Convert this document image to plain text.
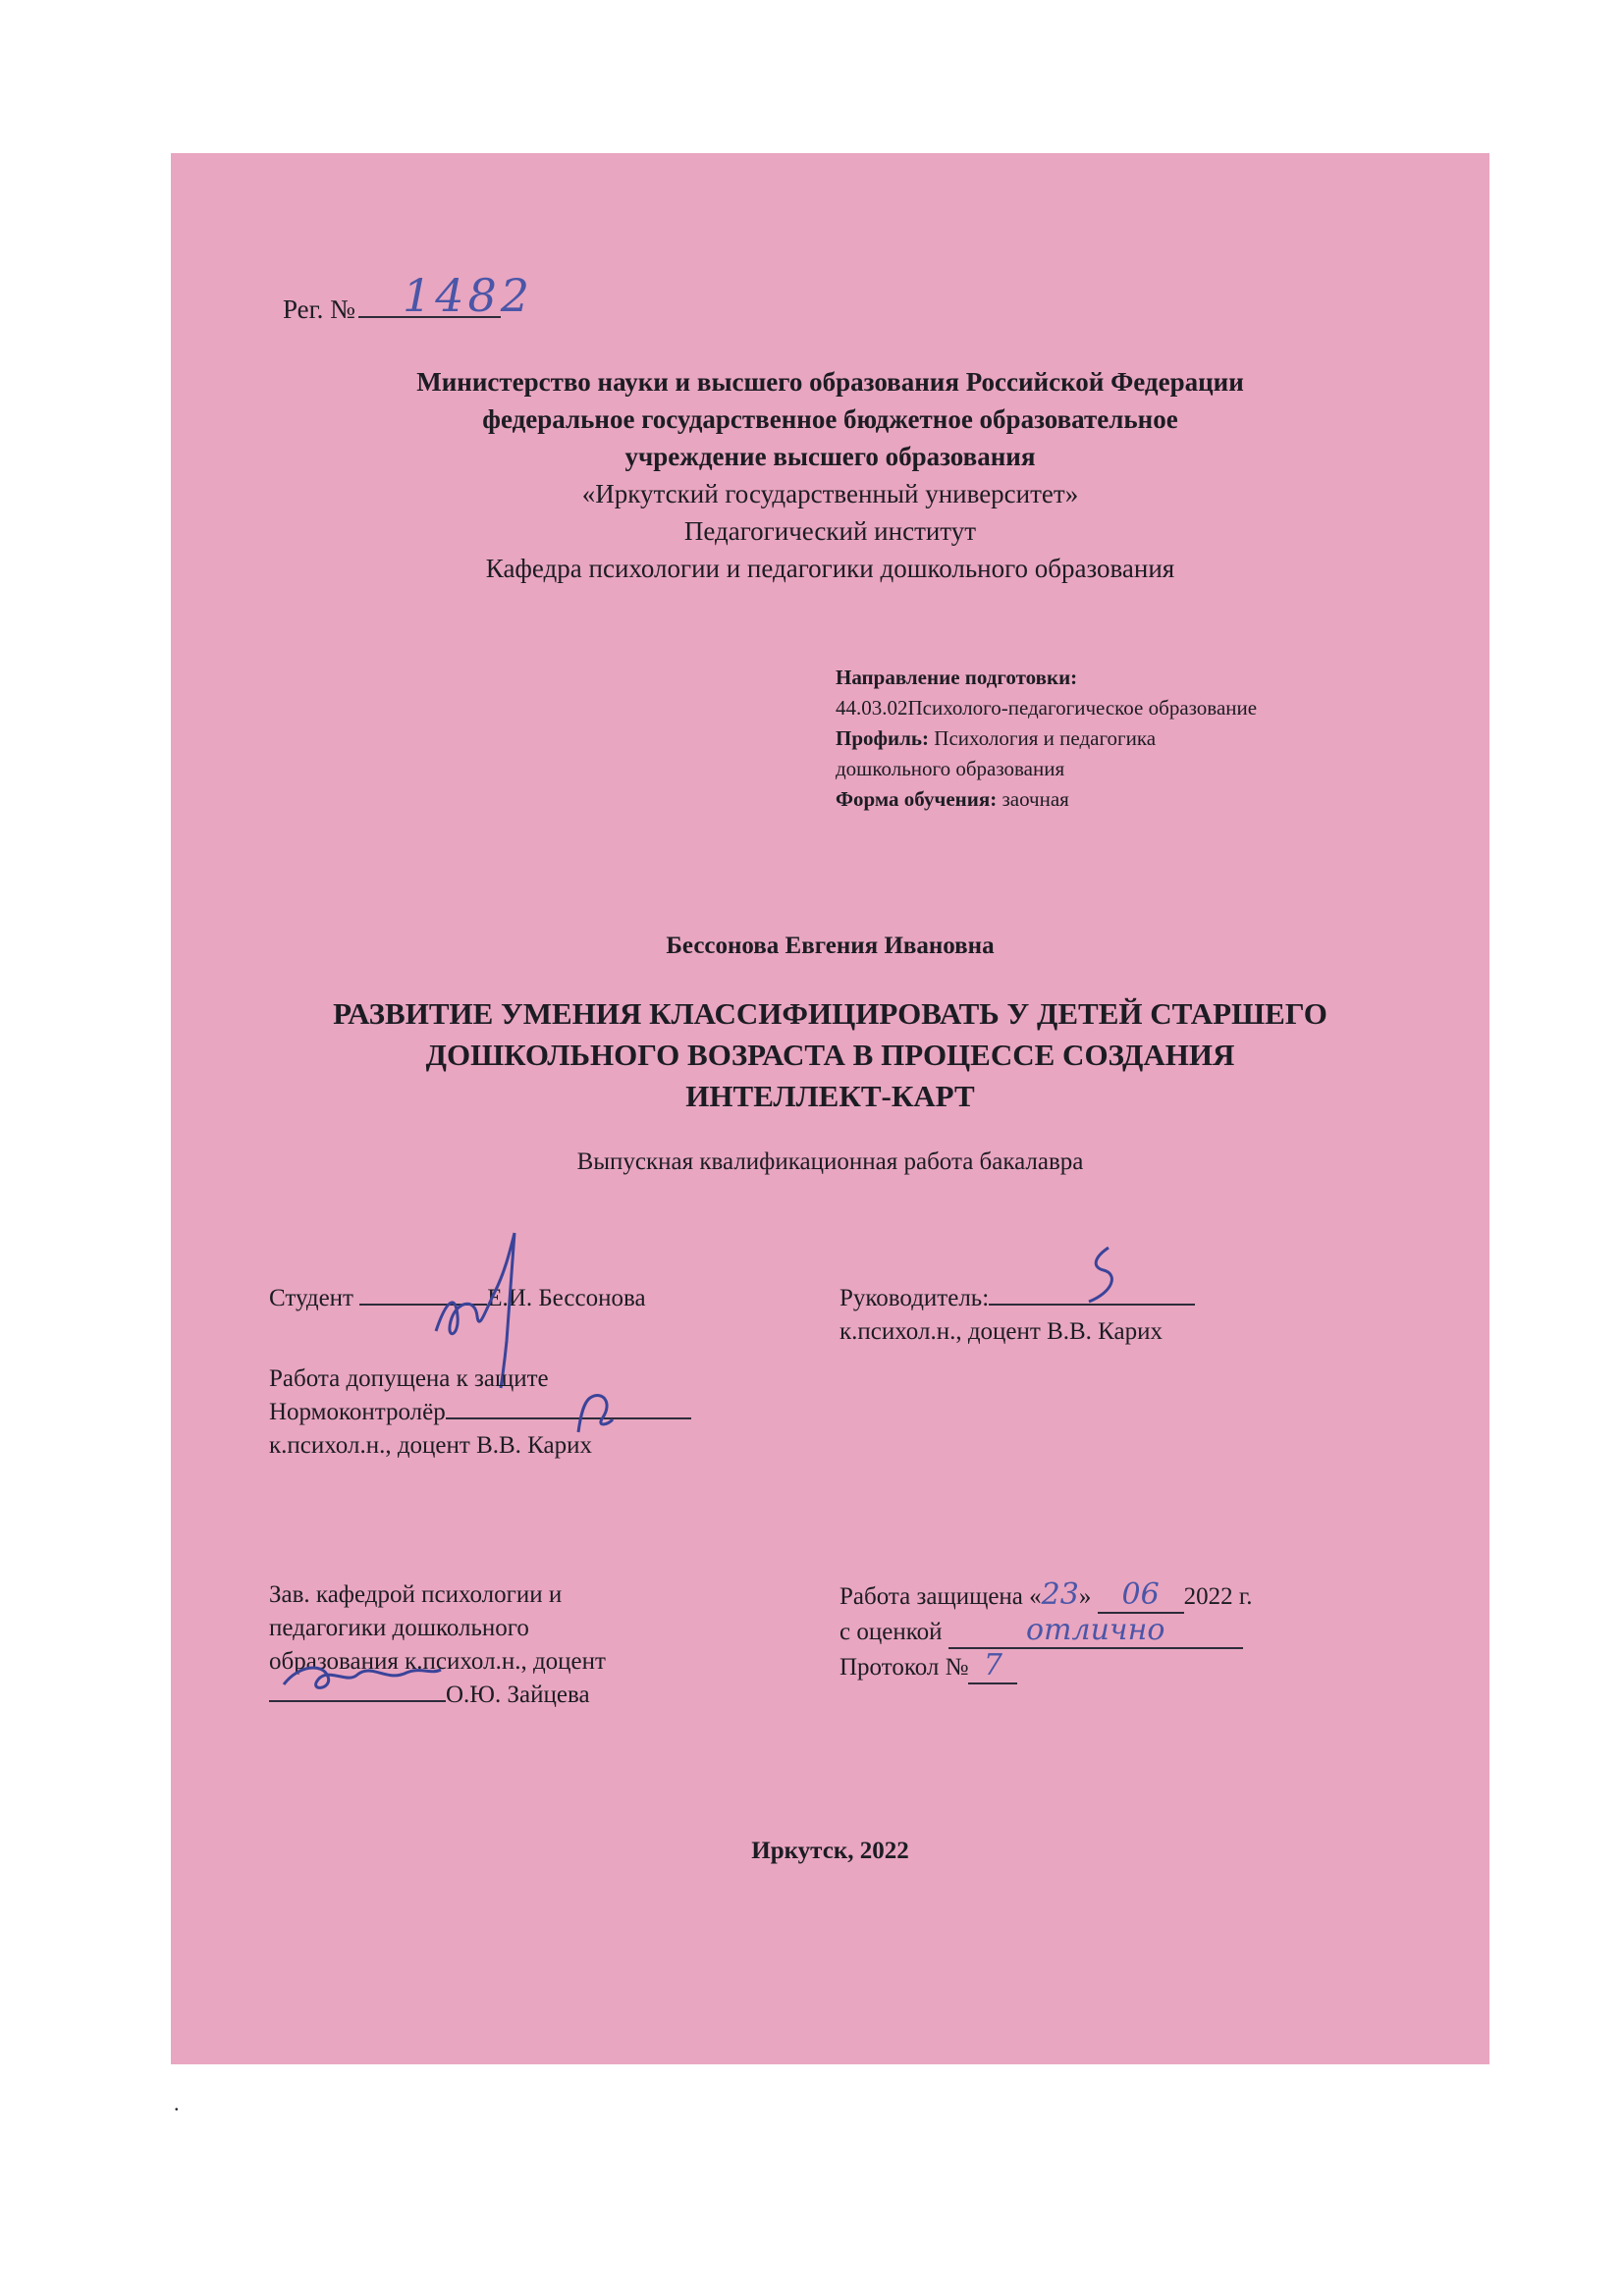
Рег. №	1482
Министерство науки и высшего образования Российской Федерации
федеральное государственное бюджетное образовательное
учреждение высшего образования
«Иркутский государственный университет»
Педагогический институт
Кафедра психологии и педагогики дошкольного образования
Направление подготовки:
44.03.02Психолого-педагогическое образование
Профиль: Психология и педагогика
дошкольного образования
Форма обучения: заочная
Бессонова Евгения Ивановна
РАЗВИТИЕ УМЕНИЯ КЛАССИФИЦИРОВАТЬ У ДЕТЕЙ СТАРШЕГО
ДОШКОЛЬНОГО ВОЗРАСТА В ПРОЦЕССЕ СОЗДАНИЯ
ИНТЕЛЛЕКТ-КАРТ
Выпускная квалификационная работа бакалавра
Студент	Е.И. Бессонова	Руководитель:
к.психол.н., доцент В.В. Карих
Работа допущена к защите
Нормоконтролёр
к.психол.н., доцент В.В. Карих
Зав. кафедрой психологии и
педагогики дошкольного
образования к.психол.н., доцент
О.Ю. Зайцева
Работа защищена «23» 06 2022 г.
с оценкой	отлично
Протокол № 7
Иркутск, 2022
.
